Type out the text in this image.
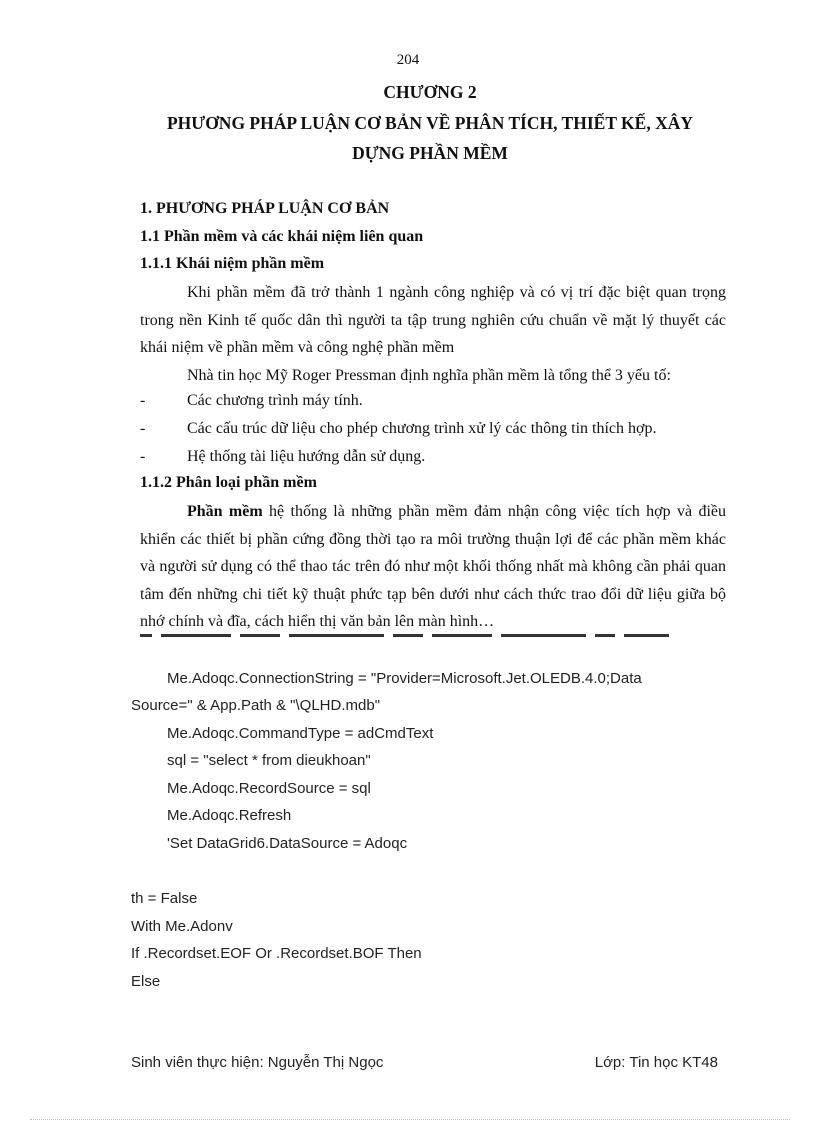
204
CHƯƠNG 2
PHƯƠNG PHÁP LUẬN CƠ BẢN VỀ PHÂN TÍCH, THIẾT KẾ, XÂY
DỰNG PHẦN MỀM
1. PHƯƠNG PHÁP LUẬN CƠ BẢN
1.1 Phần mềm và các khái niệm liên quan
1.1.1 Khái niệm phần mềm

Khi phần mềm đã trở thành 1 ngành công nghiệp và có vị trí đặc biệt quan trọng trong nền Kinh tế quốc dân thì người ta tập trung nghiên cứu chuẩn về mặt lý thuyết các khái niệm về phần mềm và công nghệ phần mềm

Nhà tin học Mỹ Roger Pressman định nghĩa phần mềm là tổng thể 3 yếu tố:

-	Các chương trình máy tính.
-	Các cấu trúc dữ liệu cho phép chương trình xử lý các thông tin thích hợp.
-	Hệ thống tài liệu hướng dẫn sử dụng.
1.1.2 Phân loại phần mềm

Phần mềm hệ thống là những phần mềm đảm nhận công việc tích hợp và điều khiển các thiết bị phần cứng đồng thời tạo ra môi trường thuận lợi để các phần mềm khác và người sử dụng có thể thao tác trên đó như một khối thống nhất mà không cần phải quan tâm đến những chi tiết kỹ thuật phức tạp bên dưới như cách thức trao đổi dữ liệu giữa bộ nhớ chính và đĩa, cách hiển thị văn bản lên màn hình…

Me.Adoqc.ConnectionString = "Provider=Microsoft.Jet.OLEDB.4.0;Data
Source=" & App.Path & "\QLHD.mdb"
Me.Adoqc.CommandType = adCmdText
sql = "select * from dieukhoan"
Me.Adoqc.RecordSource = sql
Me.Adoqc.Refresh
'Set DataGrid6.DataSource = Adoqc
th = False
With Me.Adonv
If .Recordset.EOF Or .Recordset.BOF Then
Else
Sinh viên thực hiện: Nguyễn Thị Ngọc	Lớp: Tin học KT48
